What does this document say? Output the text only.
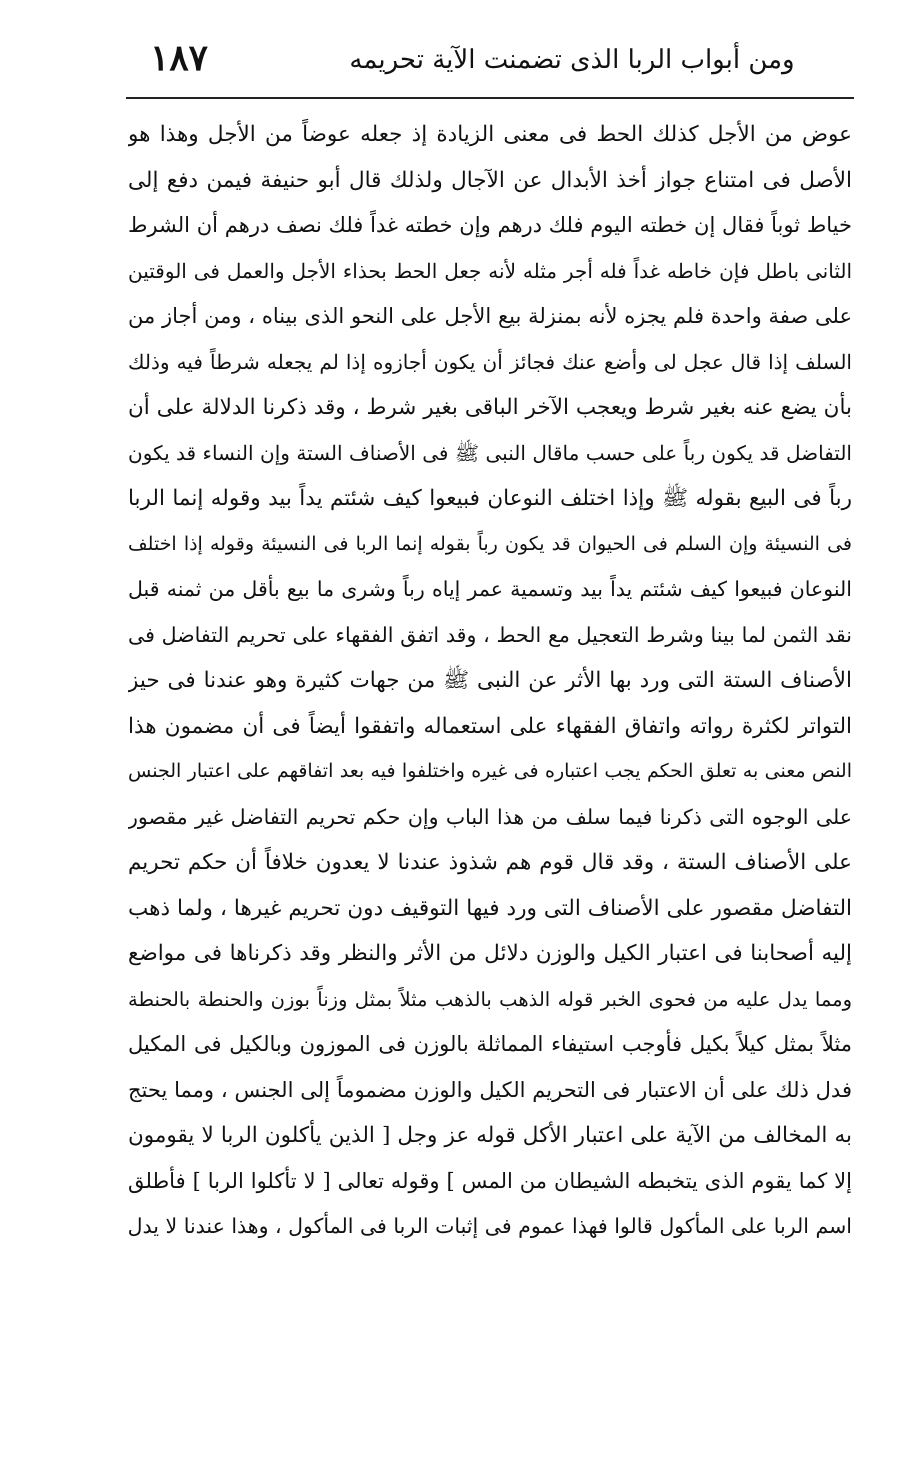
ومن أبواب الربا الذى تضمنت الآية تحريمه
١٨٧
عوض من الأجل كذلك الحط فى معنى الزيادة إذ جعله عوضاً من الأجل وهذا هو
الأصل فى امتناع جواز أخذ الأبدال عن الآجال ولذلك قال أبو حنيفة فيمن دفع إلى
خياط ثوباً فقال إن خطته اليوم فلك درهم وإن خطته غداً فلك نصف درهم أن الشرط
الثانى باطل فإن خاطه غداً فله أجر مثله لأنه جعل الحط بحذاء الأجل والعمل فى الوقتين
على صفة واحدة فلم يجزه لأنه بمنزلة بيع الأجل على النحو الذى بيناه ، ومن أجاز من
السلف إذا قال عجل لى وأضع عنك فجائز أن يكون أجازوه إذا لم يجعله شرطاً فيه وذلك
بأن يضع عنه بغير شرط ويعجب الآخر الباقى بغير شرط ، وقد ذكرنا الدلالة على أن
التفاضل قد يكون رباً على حسب ماقال النبى ﷺ فى الأصناف الستة وإن النساء قد يكون
رباً فى البيع بقوله ﷺ وإذا اختلف النوعان فبيعوا كيف شئتم يداً بيد وقوله إنما الربا
فى النسيئة وإن السلم فى الحيوان قد يكون رباً بقوله إنما الربا فى النسيئة وقوله إذا اختلف
النوعان فبيعوا كيف شئتم يداً بيد وتسمية عمر إياه رباً وشرى ما بيع بأقل من ثمنه قبل
نقد الثمن لما بينا وشرط التعجيل مع الحط ، وقد اتفق الفقهاء على تحريم التفاضل فى
الأصناف الستة التى ورد بها الأثر عن النبى ﷺ من جهات كثيرة وهو عندنا فى حيز
التواتر لكثرة رواته واتفاق الفقهاء على استعماله واتفقوا أيضاً فى أن مضمون هذا
النص معنى به تعلق الحكم يجب اعتباره فى غيره واختلفوا فيه بعد اتفاقهم على اعتبار الجنس
على الوجوه التى ذكرنا فيما سلف من هذا الباب وإن حكم تحريم التفاضل غير مقصور
على الأصناف الستة ، وقد قال قوم هم شذوذ عندنا لا يعدون خلافاً أن حكم تحريم
التفاضل مقصور على الأصناف التى ورد فيها التوقيف دون تحريم غيرها ، ولما ذهب
إليه أصحابنا فى اعتبار الكيل والوزن دلائل من الأثر والنظر وقد ذكرناها فى مواضع
ومما يدل عليه من فحوى الخبر قوله الذهب بالذهب مثلاً بمثل وزناً بوزن والحنطة بالحنطة
مثلاً بمثل كيلاً بكيل فأوجب استيفاء المماثلة بالوزن فى الموزون وبالكيل فى المكيل
فدل ذلك على أن الاعتبار فى التحريم الكيل والوزن مضموماً إلى الجنس ، ومما يحتج
به المخالف من الآية على اعتبار الأكل قوله عز وجل [ الذين يأكلون الربا لا يقومون
إلا كما يقوم الذى يتخبطه الشيطان من المس ] وقوله تعالى [ لا تأكلوا الربا ] فأطلق
اسم الربا على المأكول قالوا فهذا عموم فى إثبات الربا فى المأكول ، وهذا عندنا لا يدل
